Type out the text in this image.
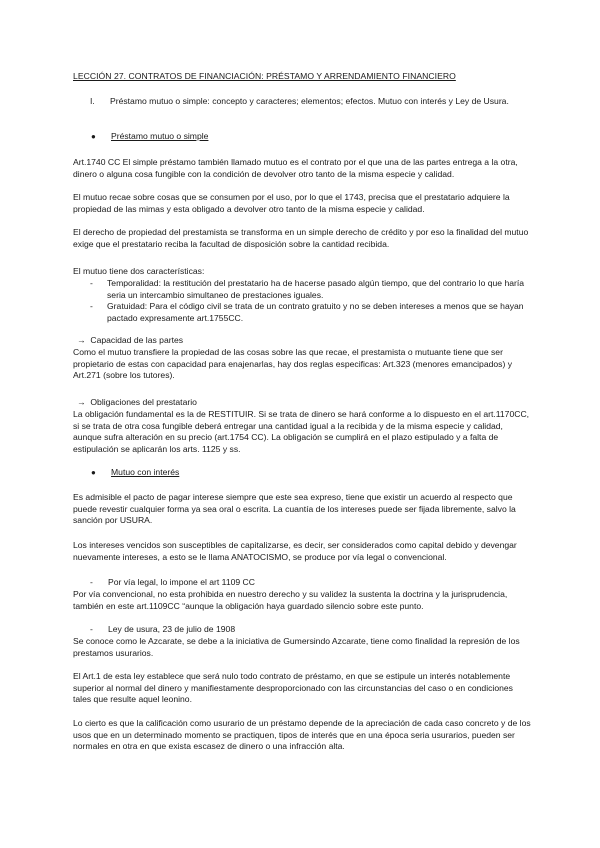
LECCIÓN 27. CONTRATOS DE FINANCIACIÓN: PRÉSTAMO Y ARRENDAMIENTO FINANCIERO

I. Préstamo mutuo o simple: concepto y caracteres; elementos; efectos. Mutuo con interés y Ley de Usura.
● Préstamo mutuo o simple

Art.1740 CC El simple préstamo también llamado mutuo es el contrato por el que una de las partes entrega a la otra, dinero o alguna cosa fungible con la condición de devolver otro tanto de la misma especie y calidad.

El mutuo recae sobre cosas que se consumen por el uso, por lo que el 1743, precisa que el prestatario adquiere la propiedad de las mimas y esta obligado a devolver otro tanto de la misma especie y calidad.

El derecho de propiedad del prestamista se transforma en un simple derecho de crédito y por eso la finalidad del mutuo exige que el prestatario reciba la facultad de disposición sobre la cantidad recibida.

El mutuo tiene dos características:

-	Temporalidad: la restitución del prestatario ha de hacerse pasado algún tiempo, que del contrario lo que haría seria un intercambio simultaneo de prestaciones iguales.
-	Gratuidad: Para el código civil se trata de un contrato gratuito y no se deben intereses a menos que se hayan pactado expresamente art.1755CC.
→ Capacidad de las partes

Como el mutuo transfiere la propiedad de las cosas sobre las que recae, el prestamista o mutuante tiene que ser propietario de estas con capacidad para enajenarlas, hay dos reglas especificas: Art.323 (menores emancipados) y Art.271 (sobre los tutores).

→ Obligaciones del prestatario

La obligación fundamental es la de RESTITUIR. Si se trata de dinero se hará conforme a lo dispuesto en el art.1170CC, si se trata de otra cosa fungible deberá entregar una cantidad igual a la recibida y de la misma especie y calidad, aunque sufra alteración en su precio (art.1754 CC). La obligación se cumplirá en el plazo estipulado y a falta de estipulación se aplicarán los arts. 1125 y ss.

● Mutuo con interés

Es admisible el pacto de pagar interese siempre que este sea expreso, tiene que existir un acuerdo al respecto que puede revestir cualquier forma ya sea oral o escrita. La cuantía de los intereses puede ser fijada libremente, salvo la sanción por USURA.

Los intereses vencidos son susceptibles de capitalizarse, es decir, ser considerados como capital debido y devengar nuevamente intereses, a esto se le llama ANATOCISMO, se produce por vía legal o convencional.

- Por vía legal, lo impone el art 1109 CC

Por vía convencional, no esta prohibida en nuestro derecho y su validez la sustenta la doctrina y la jurisprudencia, también en este art.1109CC “aunque la obligación haya guardado silencio sobre este punto.

- Ley de usura, 23 de julio de 1908

Se conoce como le Azcarate, se debe a la iniciativa de Gumersindo Azcarate, tiene como finalidad la represión de los prestamos usurarios.

El Art.1 de esta ley establece que será nulo todo contrato de préstamo, en que se estipule un interés notablemente superior al normal del dinero y manifiestamente desproporcionado con las circunstancias del caso o en condiciones tales que resulte aquel leonino.

Lo cierto es que la calificación como usurario de un préstamo depende de la apreciación de cada caso concreto y de los usos que en un determinado momento se practiquen, tipos de interés que en una época seria usurarios, pueden ser normales en otra en que exista escasez de dinero o una infracción alta.
